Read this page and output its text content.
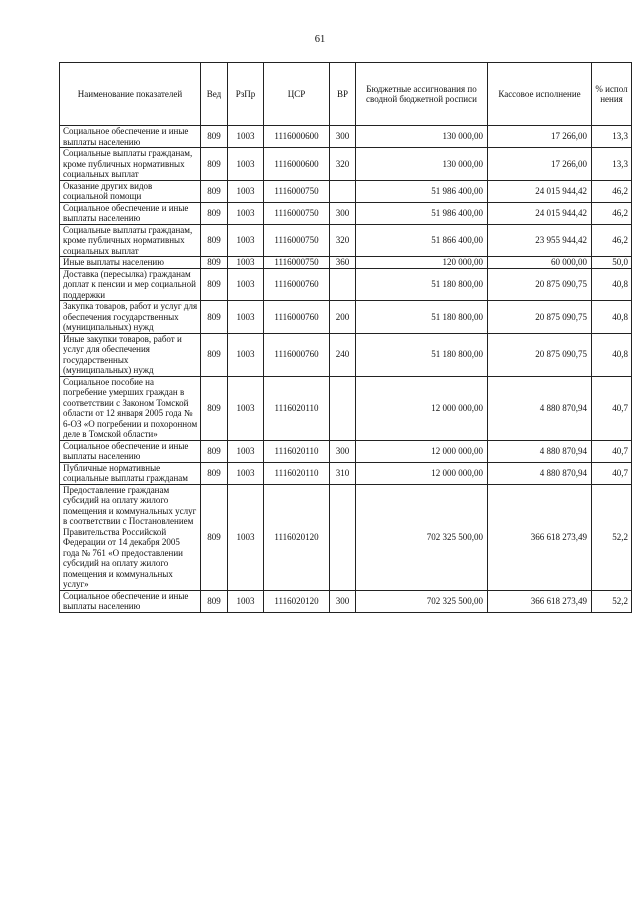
61
Наименование показателей	Вед	РзПр	ЦСР	ВР	Бюджетные ассигнования по сводной бюджетной росписи	Кассовое исполнение	% испол нения
Социальное обеспечение и иные выплаты населению	809	1003	1116000600	300	130 000,00	17 266,00	13,3
Социальные выплаты гражданам, кроме публичных нормативных социальных выплат	809	1003	1116000600	320	130 000,00	17 266,00	13,3
Оказание других видов социальной помощи	809	1003	1116000750		51 986 400,00	24 015 944,42	46,2
Социальное обеспечение и иные выплаты населению	809	1003	1116000750	300	51 986 400,00	24 015 944,42	46,2
Социальные выплаты гражданам, кроме публичных нормативных социальных выплат	809	1003	1116000750	320	51 866 400,00	23 955 944,42	46,2
Иные выплаты населению	809	1003	1116000750	360	120 000,00	60 000,00	50,0
Доставка (пересылка) гражданам доплат к пенсии и мер социальной поддержки	809	1003	1116000760		51 180 800,00	20 875 090,75	40,8
Закупка товаров, работ и услуг для обеспечения государственных (муниципальных) нужд	809	1003	1116000760	200	51 180 800,00	20 875 090,75	40,8
Иные закупки товаров, работ и услуг для обеспечения государственных (муниципальных) нужд	809	1003	1116000760	240	51 180 800,00	20 875 090,75	40,8
Социальное пособие на погребение умерших граждан в соответствии с Законом Томской области от 12 января 2005 года № 6-ОЗ «О погребении и похоронном деле в Томской области»	809	1003	1116020110		12 000 000,00	4 880 870,94	40,7
Социальное обеспечение и иные выплаты населению	809	1003	1116020110	300	12 000 000,00	4 880 870,94	40,7
Публичные нормативные социальные выплаты гражданам	809	1003	1116020110	310	12 000 000,00	4 880 870,94	40,7
Предоставление гражданам субсидий на оплату жилого помещения и коммунальных услуг в соответствии с Постановлением Правительства Российской Федерации от 14 декабря 2005 года № 761 «О предоставлении субсидий на оплату жилого помещения и коммунальных услуг»	809	1003	1116020120		702 325 500,00	366 618 273,49	52,2
Социальное обеспечение и иные выплаты населению	809	1003	1116020120	300	702 325 500,00	366 618 273,49	52,2
